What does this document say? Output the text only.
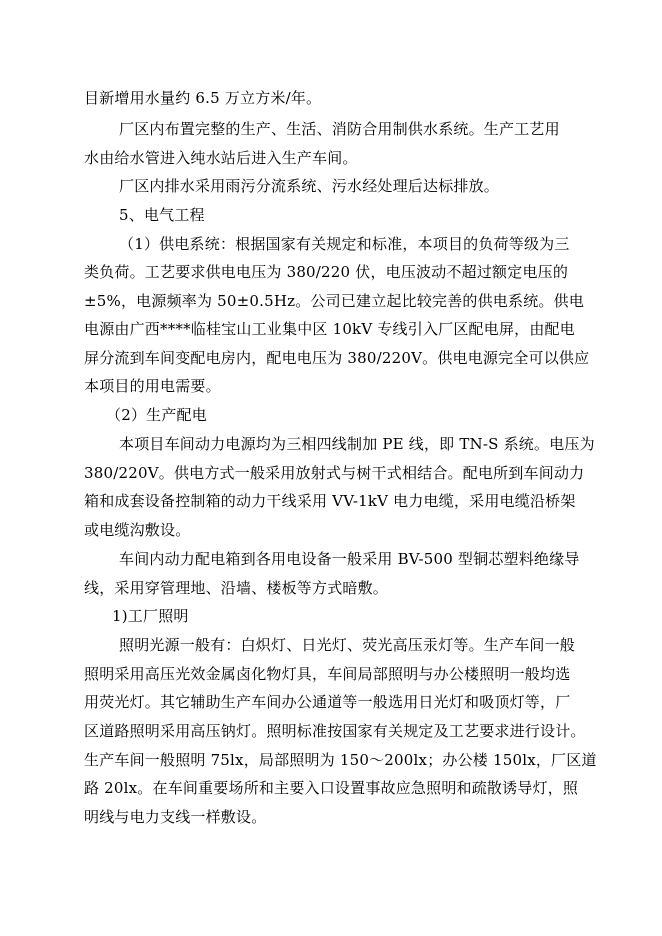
目新增用水量约 6.5 万立方米/年。
厂区内布置完整的生产、生活、消防合用制供水系统。生产工艺用
水由给水管进入纯水站后进入生产车间。
厂区内排水采用雨污分流系统、污水经处理后达标排放。
5、电气工程
（1）供电系统：根据国家有关规定和标准，本项目的负荷等级为三
类负荷。工艺要求供电电压为 380/220 伏，电压波动不超过额定电压的
±5%，电源频率为 50±0.5Hz。公司已建立起比较完善的供电系统。供电
电源由广西****临桂宝山工业集中区 10kV 专线引入厂区配电屏，由配电
屏分流到车间变配电房内，配电电压为 380/220V。供电电源完全可以供应
本项目的用电需要。
（2）生产配电
本项目车间动力电源均为三相四线制加 PE 线，即 TN-S 系统。电压为
380/220V。供电方式一般采用放射式与树干式相结合。配电所到车间动力
箱和成套设备控制箱的动力干线采用 VV-1kV 电力电缆，采用电缆沿桥架
或电缆沟敷设。
车间内动力配电箱到各用电设备一般采用 BV-500 型铜芯塑料绝缘导
线，采用穿管理地、沿墙、楼板等方式暗敷。
1)工厂照明
照明光源一般有：白炽灯、日光灯、荧光高压汞灯等。生产车间一般
照明采用高压光效金属卤化物灯具，车间局部照明与办公楼照明一般均选
用荧光灯。其它辅助生产车间办公通道等一般选用日光灯和吸顶灯等，厂
区道路照明采用高压钠灯。照明标准按国家有关规定及工艺要求进行设计。
生产车间一般照明 75lx，局部照明为 150～200lx；办公楼 150lx，厂区道
路 20lx。在车间重要场所和主要入口设置事故应急照明和疏散诱导灯，照
明线与电力支线一样敷设。
